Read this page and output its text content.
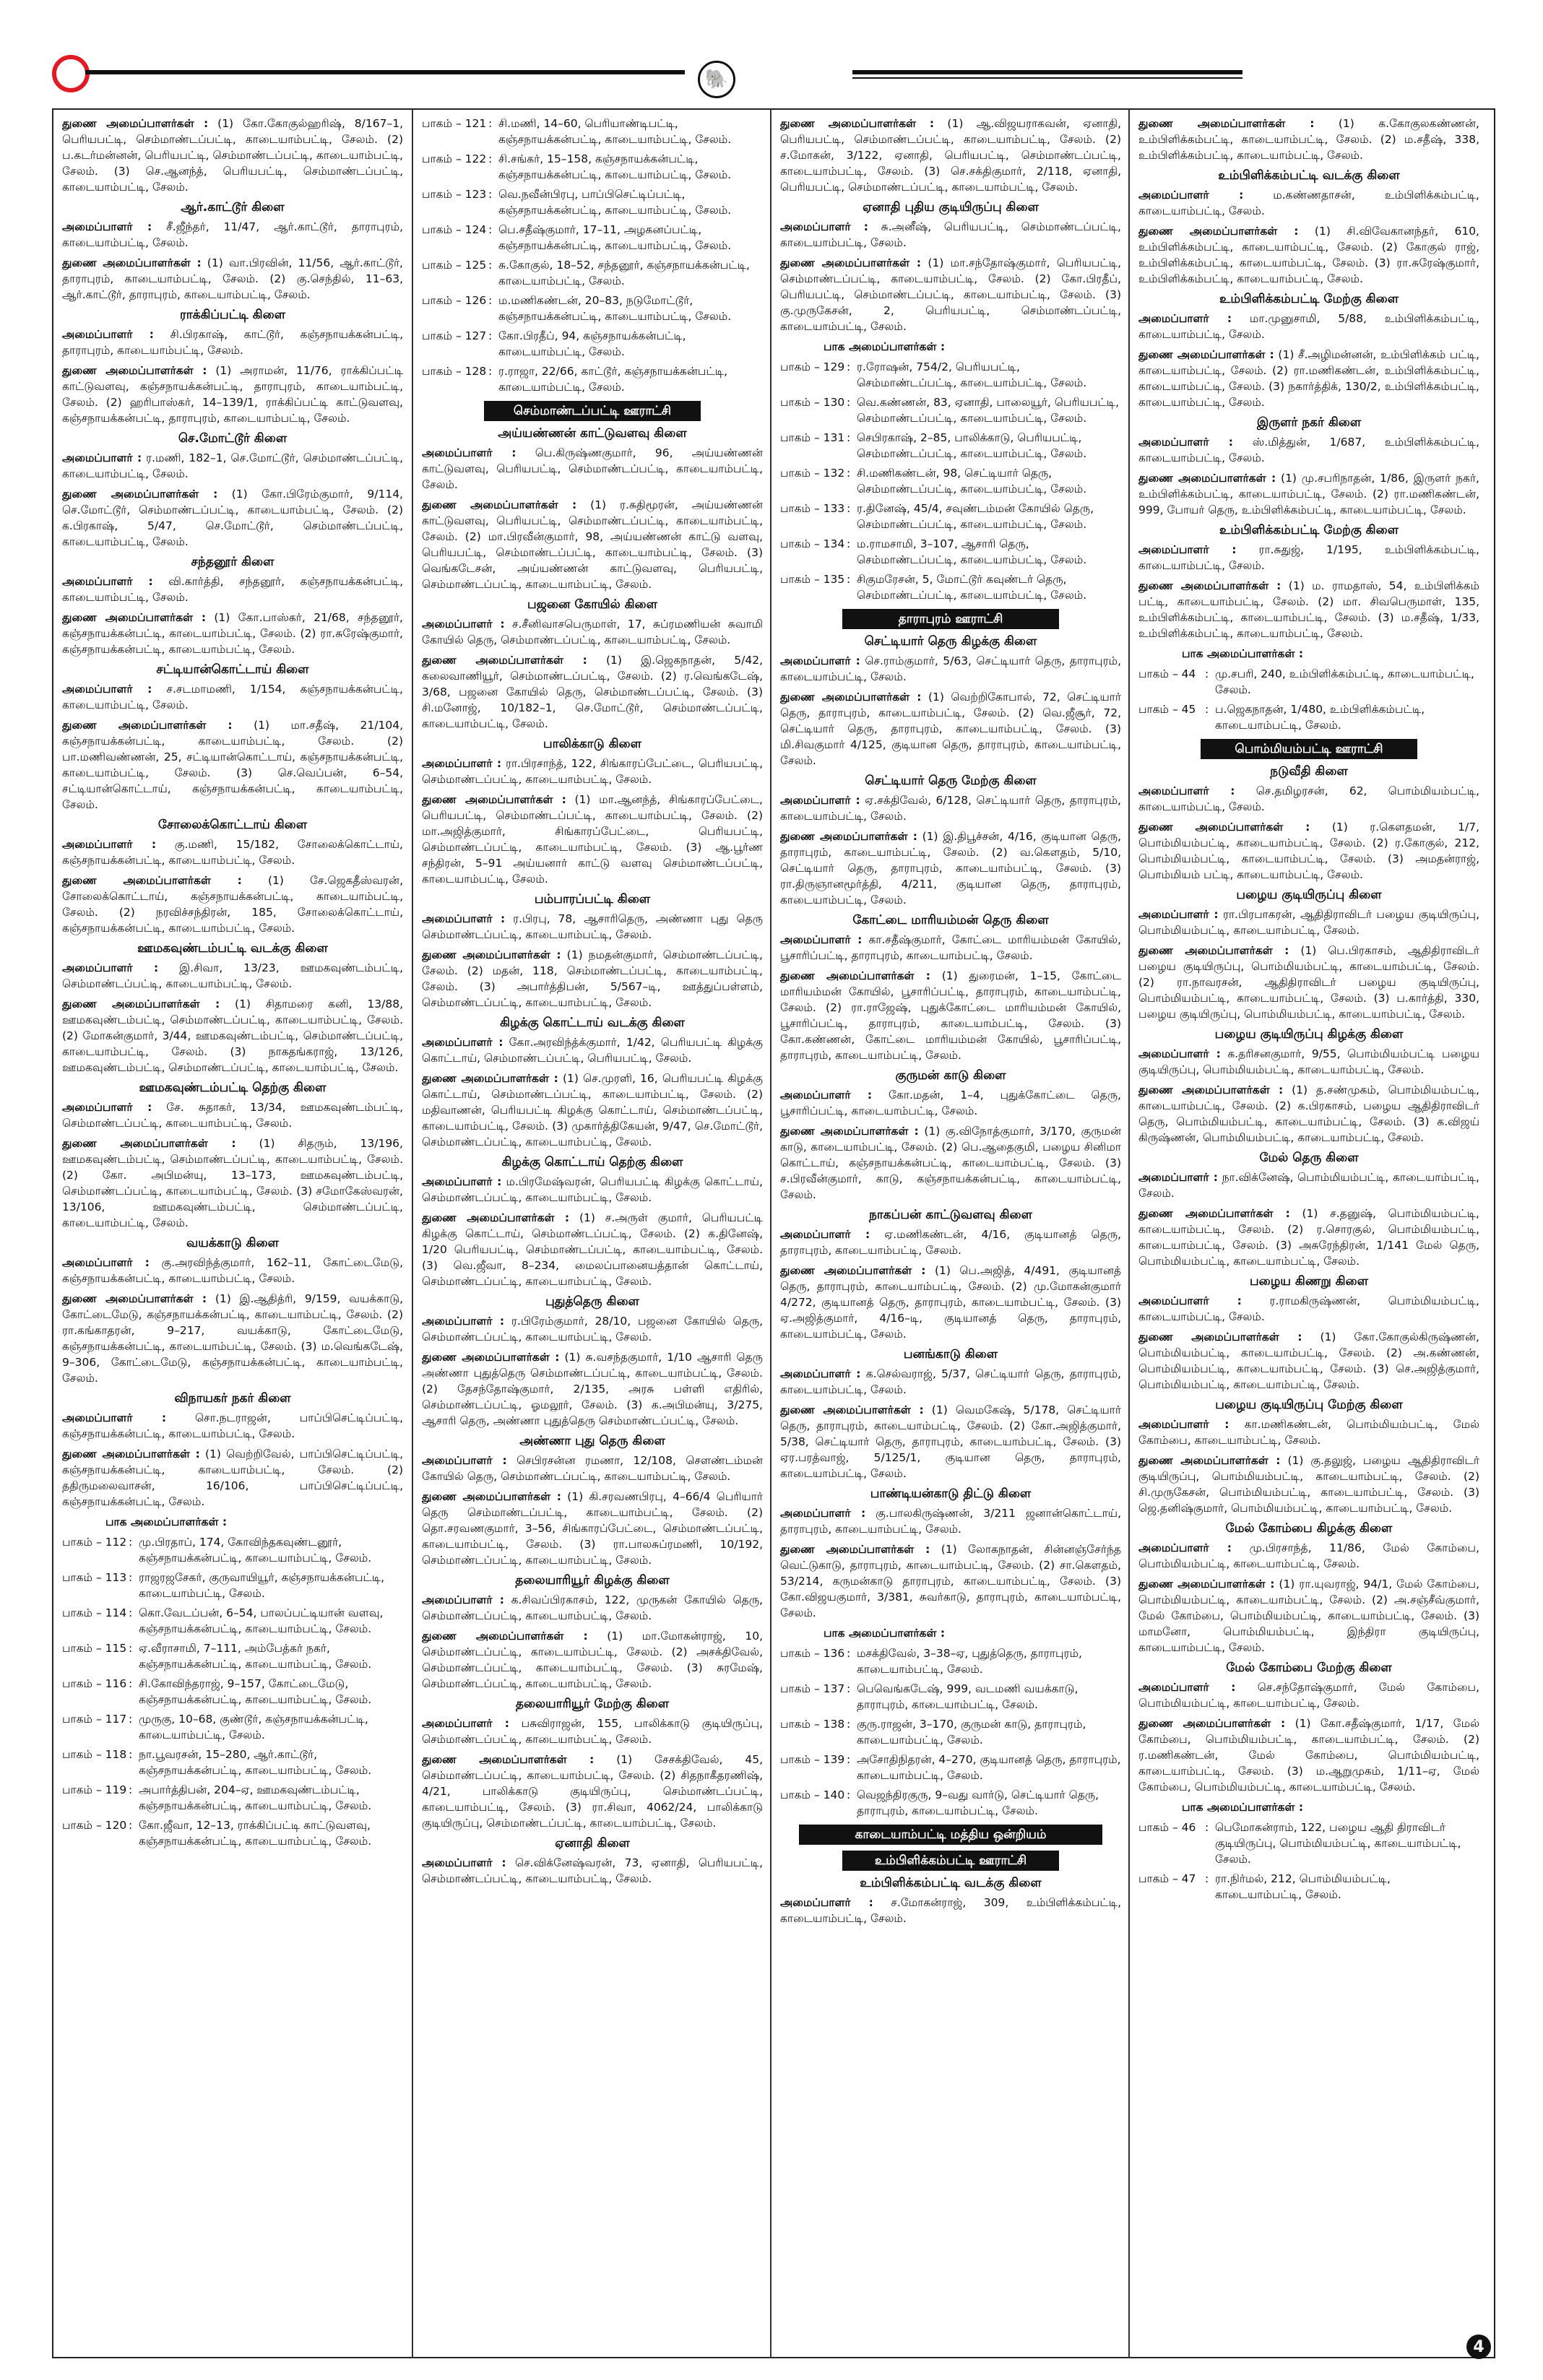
🐘

துணை அமைப்பாளர்கள் : (1) கோ.கோகுல்ஹரிஷ், 8/167–1, பெரியபட்டி, செம்மாண்டப்பட்டி, காடையாம்பட்டி, சேலம். (2) ப.கடர்மன்னன், பெரியபட்டி, செம்மாண்டப்பட்டி, காடையாம்பட்டி, சேலம். (3) செ.ஆனந்த், பெரியபட்டி, செம்மாண்டப்பட்டி, காடையாம்பட்டி, சேலம்.

ஆர்.காட்டூர் கிளை

அமைப்பாளர் : சீ.ஜீந்தர், 11/47, ஆர்.காட்டூர், தாராபுரம், காடையாம்பட்டி, சேலம்.

துணை அமைப்பாளர்கள் : (1) வா.பிரவின், 11/56, ஆர்.காட்டூர், தாராபுரம், காடையாம்பட்டி, சேலம். (2) கு.செந்தில், 11–63, ஆர்.காட்டூர், தாராபுரம், காடையாம்பட்டி, சேலம்.

ராக்கிப்பட்டி கிளை

அமைப்பாளர் : சி.பிரகாஷ், காட்டூர், கஞ்சநாயக்கன்பட்டி, தாராபுரம், காடையாம்பட்டி, சேலம்.

துணை அமைப்பாளர்கள் : (1) அராமன், 11/76, ராக்கிப்பட்டி காட்டுவளவு, கஞ்சநாயக்கன்பட்டி, தாராபுரம், காடையாம்பட்டி, சேலம். (2) ஹரிபாஸ்கர், 14–139/1, ராக்கிப்பட்டி காட்டுவளவு, கஞ்சநாயக்கன்பட்டி, தாராபுரம், காடையாம்பட்டி, சேலம்.

செ.மோட்டூர் கிளை

அமைப்பாளர் : ர.மணி, 182–1, செ.மோட்டூர், செம்மாண்டப்பட்டி, காடையாம்பட்டி, சேலம்.

துணை அமைப்பாளர்கள் : (1) கோ.பிரேம்குமார், 9/114, செ.மோட்டூர், செம்மாண்டப்பட்டி, காடையாம்பட்டி, சேலம். (2) க.பிரகாஷ், 5/47, செ.மோட்டூர், செம்மாண்டப்பட்டி, காடையாம்பட்டி, சேலம்.

சந்தனூர் கிளை

அமைப்பாளர் : வி.கார்த்தி, சந்தனூர், கஞ்சநாயக்கன்பட்டி, காடையாம்பட்டி, சேலம்.

துணை அமைப்பாளர்கள் : (1) கோ.பாஸ்கர், 21/68, சந்தனூர், கஞ்சநாயக்கன்பட்டி, காடையாம்பட்டி, சேலம். (2) ரா.சுரேஷ்குமார், கஞ்சநாயக்கன்பட்டி, காடையாம்பட்டி, சேலம்.

சட்டியான்கொட்டாய் கிளை

அமைப்பாளர் : ச.சடமாமணி, 1/154, கஞ்சநாயக்கன்பட்டி, காடையாம்பட்டி, சேலம்.

துணை அமைப்பாளர்கள் : (1) மா.சதீஷ், 21/104, கஞ்சநாயக்கன்பட்டி, காடையாம்பட்டி, சேலம். (2) பா.மணிவண்ணன், 25, சட்டியான்கொட்டாய், கஞ்சநாயக்கன்பட்டி, காடையாம்பட்டி, சேலம். (3) செ.வெப்பன், 6–54, சட்டியான்கொட்டாய், கஞ்சநாயக்கன்பட்டி, காடையாம்பட்டி, சேலம்.

சோலைக்கொட்டாய் கிளை

அமைப்பாளர் : கு.மணி, 15/182, சோலைக்கொட்டாய், கஞ்சநாயக்கன்பட்டி, காடையாம்பட்டி, சேலம்.

துணை அமைப்பாளர்கள் : (1) சே.ஜெகதீஸ்வரன், சோலைக்கொட்டாய், கஞ்சநாயக்கன்பட்டி, காடையாம்பட்டி, சேலம். (2) நரவிச்சந்திரன், 185, சோலைக்கொட்டாய், கஞ்சநாயக்கன்பட்டி, காடையாம்பட்டி, சேலம்.

ஊமகவுண்டம்பட்டி வடக்கு கிளை

அமைப்பாளர் : இ.சிவா, 13/23, ஊமகவுண்டம்பட்டி, செம்மாண்டப்பட்டி, காடையாம்பட்டி, சேலம்.

துணை அமைப்பாளர்கள் : (1) சிதாமரை கனி, 13/88, ஊமகவுண்டம்பட்டி, செம்மாண்டப்பட்டி, காடையாம்பட்டி, சேலம். (2) மோகன்குமார், 3/44, ஊமகவுண்டம்பட்டி, செம்மாண்டப்பட்டி, காடையாம்பட்டி, சேலம். (3) நாகதங்கராஜ், 13/126, ஊமகவுண்டம்பட்டி, செம்மாண்டப்பட்டி, காடையாம்பட்டி, சேலம்.

ஊமகவுண்டம்பட்டி தெற்கு கிளை

அமைப்பாளர் : சே. சுதாகர், 13/34, ஊமகவுண்டம்பட்டி, செம்மாண்டப்பட்டி, காடையாம்பட்டி, சேலம்.

துணை அமைப்பாளர்கள் : (1) சிதரும், 13/196, ஊமகவுண்டம்பட்டி, செம்மாண்டப்பட்டி, காடையாம்பட்டி, சேலம். (2) கோ. அபிமன்யு, 13–173, ஊமகவுண்டம்பட்டி, செம்மாண்டப்பட்டி, காடையாம்பட்டி, சேலம். (3) சமோகேஸ்வரன், 13/106, ஊமகவுண்டம்பட்டி, செம்மாண்டப்பட்டி, காடையாம்பட்டி, சேலம்.

வயக்காடு கிளை

அமைப்பாளர் : கு.அரவிந்த்குமார், 162–11, கோட்டைமேடு, கஞ்சநாயக்கன்பட்டி, காடையாம்பட்டி, சேலம்.

துணை அமைப்பாளர்கள் : (1) இ.ஆதித்ரி, 9/159, வயக்காடு, கோட்டைமேடு, கஞ்சநாயக்கன்பட்டி, காடையாம்பட்டி, சேலம். (2) ரா.கங்காதரன், 9–217, வயக்காடு, கோட்டைமேடு, கஞ்சநாயக்கன்பட்டி, காடையாம்பட்டி, சேலம். (3) ம.வெங்கடேஷ், 9–306, கோட்டைமேடு, கஞ்சநாயக்கன்பட்டி, காடையாம்பட்டி, சேலம்.

விநாயகர் நகர் கிளை

அமைப்பாளர் :	சொ.நடராஜன், பாப்பிசெட்டிப்பட்டி, கஞ்சநாயக்கன்பட்டி, காடையாம்பட்டி, சேலம்.

துணை அமைப்பாளர்கள் : (1) வெற்றிவேல், பாப்பிசெட்டிப்பட்டி, கஞ்சநாயக்கன்பட்டி, காடையாம்பட்டி, சேலம். (2) ததிருமலைவாசன், 16/106, பாப்பிசெட்டிப்பட்டி, கஞ்சநாயக்கன்பட்டி, சேலம்.

பாக அமைப்பாளர்கள் :
பாகம் – 112 : மு.பிரதாப், 174, கோவிந்தகவுண்டனூர், கஞ்சநாயக்கன்பட்டி, காடையாம்பட்டி, சேலம்.
பாகம் – 113 : ராஜரஜசேகர், குருவாயியூர், கஞ்சநாயக்கன்பட்டி, காடையாம்பட்டி, சேலம்.
பாகம் – 114 : கொ.வேடப்பன், 6–54, பாலப்பட்டியான் வளவு, கஞ்சநாயக்கன்பட்டி, காடையாம்பட்டி, சேலம்.
பாகம் – 115 : ஏ.வீராசாமி, 7–111, அம்பேத்கர் நகர், கஞ்சநாயக்கன்பட்டி, காடையாம்பட்டி, சேலம்.
பாகம் – 116 : சி.கோவிந்தராஜ், 9–157, கோட்டைமேடு, கஞ்சநாயக்கன்பட்டி, காடையாம்பட்டி, சேலம்.
பாகம் – 117 : முருகு, 10–68, குண்டூர், கஞ்சநாயக்கன்பட்டி, காடையாம்பட்டி, சேலம்.
பாகம் – 118 : நா.பூவரசன், 15–280, ஆர்.காட்டூர், கஞ்சநாயக்கன்பட்டி, காடையாம்பட்டி, சேலம்.
பாகம் – 119 : அபார்த்திபன், 204–ஏ, ஊமகவுண்டம்பட்டி, கஞ்சநாயக்கன்பட்டி, காடையாம்பட்டி, சேலம்.
பாகம் – 120 : கோ.ஜீவா, 12–13, ராக்கிப்பட்டி காட்டுவளவு, கஞ்சநாயக்கன்பட்டி, காடையாம்பட்டி, சேலம்.
பாகம் – 121 : சி.மணி, 14–60, பெரியாண்டிபட்டி, கஞ்சநாயக்கன்பட்டி, காடையாம்பட்டி, சேலம்.
பாகம் – 122 : சி.சங்கர், 15–158, கஞ்சநாயக்கன்பட்டி, கஞ்சநாயக்கன்பட்டி, காடையாம்பட்டி, சேலம்.
பாகம் – 123 : வெ.நவீன்பிரபு, பாப்பிசெட்டிப்பட்டி, கஞ்சநாயக்கன்பட்டி, காடையாம்பட்டி, சேலம்.
பாகம் – 124 : பெ.சதீஷ்குமார், 17–11, அழகனப்பட்டி, கஞ்சநாயக்கன்பட்டி, காடையாம்பட்டி, சேலம்.
பாகம் – 125 : சு.கோகுல், 18–52, சந்தனூர், கஞ்சநாயக்கன்பட்டி, காடையாம்பட்டி, சேலம்.
பாகம் – 126 : ம.மணிகண்டன், 20–83, நடுமோட்டூர், கஞ்சநாயக்கன்பட்டி, காடையாம்பட்டி, சேலம்.
பாகம் – 127 : கோ.பிரதீப், 94, கஞ்சநாயக்கன்பட்டி, காடையாம்பட்டி, சேலம்.
பாகம் – 128 : ர.ராஜா, 22/66, காட்டூர், கஞ்சநாயக்கன்பட்டி, காடையாம்பட்டி, சேலம்.
செம்மாண்டப்பட்டி ஊராட்சி
அய்யண்ணன் காட்டுவளவு கிளை

அமைப்பாளர் : பெ.கிருஷ்ணகுமார், 96, அய்யண்ணன் காட்டுவளவு, பெரியபட்டி, செம்மாண்டப்பட்டி, காடையாம்பட்டி, சேலம்.

துணை அமைப்பாளர்கள் : (1) ர.சுதிமூரன், அய்யண்ணன் காட்டுவளவு, பெரியபட்டி, செம்மாண்டப்பட்டி, காடையாம்பட்டி, சேலம். (2) மா.பிரவீன்குமார், 98, அய்யண்ணன் காட்டு வளவு, பெரியபட்டி, செம்மாண்டப்பட்டி, காடையாம்பட்டி, சேலம். (3) வெங்கடேசன், அய்யண்ணன் காட்டுவளவு, பெரியபட்டி, செம்மாண்டப்பட்டி, காடையாம்பட்டி, சேலம்.

பஜனை கோயில் கிளை

அமைப்பாளர் : ச.சீனிவாசபெருமாள், 17, சுப்ரமணியன் சுவாமி கோயில் தெரு, செம்மாண்டப்பட்டி, காடையாம்பட்டி, சேலம்.

துணை அமைப்பாளர்கள் : (1) இ.ஜெகநாதன், 5/42, கலைவாணியூர், செம்மாண்டப்பட்டி, சேலம். (2) ர.வெங்கடேஷ், 3/68, பஜனை கோயில் தெரு, செம்மாண்டப்பட்டி, சேலம். (3) சி.மனோஜ், 10/182–1, செ.மோட்டூர், செம்மாண்டப்பட்டி, காடையாம்பட்டி, சேலம்.

பாலிக்காடு கிளை

அமைப்பாளர் : ரா.பிரசாந்த், 122, சிங்காரப்பேட்டை, பெரியபட்டி, செம்மாண்டப்பட்டி, காடையாம்பட்டி, சேலம்.

துணை அமைப்பாளர்கள் : (1) மா.ஆனந்த், சிங்காரப்பேட்டை, பெரியபட்டி, செம்மாண்டப்பட்டி, காடையாம்பட்டி, சேலம். (2) மா.அஜித்குமார், சிங்காரப்பேட்டை, பெரியபட்டி, செம்மாண்டப்பட்டி, காடையாம்பட்டி, சேலம். (3) ஆ.பூர்ண சந்திரன், 5–91 அய்யனார் காட்டு வளவு செம்மாண்டப்பட்டி, காடையாம்பட்டி, சேலம்.

பம்பாரப்பட்டி கிளை

அமைப்பாளர் : ர.பிரபு, 78, ஆசாரிதெரு, அண்ணா புது தெரு செம்மாண்டப்பட்டி, காடையாம்பட்டி, சேலம்.

துணை அமைப்பாளர்கள் : (1) நமதன்குமார், செம்மாண்டப்பட்டி, சேலம். (2) மதன், 118, செம்மாண்டப்பட்டி, காடையாம்பட்டி, சேலம். (3) அபார்த்திபன், 5/567–டி, ஊத்துப்பள்ளம், செம்மாண்டப்பட்டி, காடையாம்பட்டி, சேலம்.

கிழக்கு கொட்டாய் வடக்கு கிளை

அமைப்பாளர் : கோ.அரவிந்த்க்குமார், 1/42, பெரியபட்டி கிழக்கு கொட்டாய், செம்மாண்டப்பட்டி, பெரியபட்டி, சேலம்.

துணை அமைப்பாளர்கள் : (1) செ.முரளி, 16, பெரியபட்டி கிழக்கு கொட்டாய், செம்மாண்டப்பட்டி, காடையாம்பட்டி, சேலம். (2) மதிவாணன், பெரியபட்டி கிழக்கு கொட்டாய், செம்மாண்டப்பட்டி, காடையாம்பட்டி, சேலம். (3) முகார்த்திகேயன், 9/47, செ.மோட்டூர், செம்மாண்டப்பட்டி, காடையாம்பட்டி, சேலம்.

கிழக்கு கொட்டாய் தெற்கு கிளை

அமைப்பாளர் : ம.பிரமேஷ்வரன், பெரியபட்டி கிழக்கு கொட்டாய், செம்மாண்டப்பட்டி, காடையாம்பட்டி, சேலம்.

துணை அமைப்பாளர்கள் : (1) ச.அருள் குமார், பெரியபட்டி கிழக்கு கொட்டாய், செம்மாண்டப்பட்டி, சேலம். (2) க.தினேஷ், 1/20 பெரியபட்டி, செம்மாண்டப்பட்டி, காடையாம்பட்டி, சேலம். (3) வெ.ஜீவா, 8–234, மைலப்பானையத்தான் கொட்டாய், செம்மாண்டப்பட்டி, காடையாம்பட்டி, சேலம்.

புதுத்தெரு கிளை

அமைப்பாளர் : ர.பிரேம்குமார், 28/10, பஜனை கோயில் தெரு, செம்மாண்டப்பட்டி, காடையாம்பட்டி, சேலம்.

துணை அமைப்பாளர்கள் : (1) சு.வசந்தகுமார், 1/10 ஆசாரி தெரு அண்ணா புதுத்தெரு செம்மாண்டப்பட்டி, காடையாம்பட்டி, சேலம். (2) தேசந்தோஷ்குமார், 2/135, அரசு பள்ளி எதிரில், செம்மாண்டப்பட்டி, ஓமலூர், சேலம். (3) க.அபிமன்யு, 3/275, ஆசாரி தெரு, அண்ணா புதுத்தெரு செம்மாண்டப்பட்டி, சேலம்.

அண்ணா புது தெரு கிளை

அமைப்பாளர் : செபிரசன்ன ரமணா, 12/108, சௌண்டம்மன் கோயில் தெரு, செம்மாண்டப்பட்டி, காடையாம்பட்டி, சேலம்.

துணை அமைப்பாளர்கள் : (1) கி.சரவணபிரபு, 4–66/4 பெரியார் தெரு செம்மாண்டப்பட்டி, காடையாம்பட்டி, சேலம். (2) தொ.சரவணகுமார், 3–56, சிங்காரப்பேட்டை, செம்மாண்டப்பட்டி, காடையாம்பட்டி, சேலம். (3) ரா.பாலசுப்ரமணி, 10/192, செம்மாண்டப்பட்டி, காடையாம்பட்டி, சேலம்.

தலையாரியூர் கிழக்கு கிளை

அமைப்பாளர் : க.சிவப்பிரகாசம், 122, முருகன் கோயில் தெரு, செம்மாண்டப்பட்டி, காடையாம்பட்டி, சேலம்.

துணை அமைப்பாளர்கள் : (1) மா.மோகன்ராஜ், 10, செம்மாண்டப்பட்டி, காடையாம்பட்டி, சேலம். (2) அசக்திவேல், செம்மாண்டப்பட்டி, காடையாம்பட்டி, சேலம். (3) சுரமேஷ், செம்மாண்டப்பட்டி, காடையாம்பட்டி, சேலம்.

தலையாரியூர் மேற்கு கிளை

அமைப்பாளர் : பசுவிராஜன், 155, பாலிக்காடு குடியிருப்பு, செம்மாண்டப்பட்டி, காடையாம்பட்டி, சேலம்.

துணை அமைப்பாளர்கள் : (1) சேசக்திவேல், 45, செம்மாண்டப்பட்டி, காடையாம்பட்டி, சேலம். (2) சிதநாகீதரணிஷ், 4/21, பாலிக்காடு குடியிருப்பு, செம்மாண்டப்பட்டி, காடையாம்பட்டி, சேலம். (3) ரா.சிவா, 4062/24, பாலிக்காடு குடியிருப்பு, செம்மாண்டப்பட்டி, காடையாம்பட்டி, சேலம்.

ஏனாதி கிளை

அமைப்பாளர் : செ.விக்னேஷ்வரன், 73, ஏனாதி, பெரியபட்டி, செம்மாண்டப்பட்டி, காடையாம்பட்டி, சேலம்.

துணை அமைப்பாளர்கள் : (1) ஆ.விஜயராகவன், ஏனாதி, பெரியபட்டி, செம்மாண்டப்பட்டி, காடையாம்பட்டி, சேலம். (2) ச.மோகன், 3/122, ஏனாதி, பெரியபட்டி, செம்மாண்டப்பட்டி, காடையாம்பட்டி, சேலம். (3) செ.சக்திகுமார், 2/118, ஏனாதி, பெரியபட்டி, செம்மாண்டப்பட்டி, காடையாம்பட்டி, சேலம்.

ஏனாதி புதிய குடியிருப்பு கிளை

அமைப்பாளர் : சு.அனீஷ், பெரியபட்டி, செம்மாண்டப்பட்டி, காடையாம்பட்டி, சேலம்.

துணை அமைப்பாளர்கள் : (1) மா.சந்தோஷ்குமார், பெரியபட்டி, செம்மாண்டப்பட்டி, காடையாம்பட்டி, சேலம். (2) கோ.பிரதீப், பெரியபட்டி, செம்மாண்டப்பட்டி, காடையாம்பட்டி, சேலம். (3) கு.முருகேசன், 2, பெரியபட்டி, செம்மாண்டப்பட்டி, காடையாம்பட்டி, சேலம்.

பாக அமைப்பாளர்கள் :
பாகம் – 129 : ர.ரோஷன், 754/2, பெரியபட்டி, செம்மாண்டப்பட்டி, காடையாம்பட்டி, சேலம்.
பாகம் – 130 : வெ.கண்ணன், 83, ஏனாதி, பாலையூர், பெரியபட்டி, செம்மாண்டப்பட்டி, காடையாம்பட்டி, சேலம்.
பாகம் – 131 : செபிரகாஷ், 2–85, பாலிக்காடு, பெரியபட்டி, செம்மாண்டப்பட்டி, காடையாம்பட்டி, சேலம்.
பாகம் – 132 : சி.மணிகண்டன், 98, செட்டியார் தெரு, செம்மாண்டப்பட்டி, காடையாம்பட்டி, சேலம்.
பாகம் – 133 : ர.தினேஷ், 45/4, சவுண்டம்மன் கோயில் தெரு, செம்மாண்டப்பட்டி, காடையாம்பட்டி, சேலம்.
பாகம் – 134 : ம.ராமசாமி, 3–107, ஆசாரி தெரு, செம்மாண்டப்பட்டி, காடையாம்பட்டி, சேலம்.
பாகம் – 135 : சிகுமரேசன், 5, மோட்டூர் கவுண்டர் தெரு, செம்மாண்டப்பட்டி, காடையாம்பட்டி, சேலம்.
தாராபுரம் ஊராட்சி
செட்டியார் தெரு கிழக்கு கிளை

அமைப்பாளர் : செ.ராம்குமார், 5/63, செட்டியார் தெரு, தாராபுரம், காடையாம்பட்டி, சேலம்.

துணை அமைப்பாளர்கள் : (1) வெற்றிகோபால், 72, செட்டியார் தெரு, தாராபுரம், காடையாம்பட்டி, சேலம். (2) வெ.ஜீசூர், 72, செட்டியார் தெரு, தாராபுரம், காடையாம்பட்டி, சேலம். (3) மி.சிவகுமார் 4/125, குடியான தெரு, தாராபுரம், காடையாம்பட்டி, சேலம்.

செட்டியார் தெரு மேற்கு கிளை

அமைப்பாளர் : ஏ.சக்திவேல், 6/128, செட்டியார் தெரு, தாராபுரம், காடையாம்பட்டி, சேலம்.

துணை அமைப்பாளர்கள் : (1) இ.திபூச்சன், 4/16, குடியான தெரு, தாராபுரம், காடையாம்பட்டி, சேலம். (2) வ.கௌதம், 5/10, செட்டியார் தெரு, தாராபுரம், காடையாம்பட்டி, சேலம். (3) ரா.திருஞானமூர்த்தி, 4/211, குடியான தெரு, தாராபுரம், காடையாம்பட்டி, சேலம்.

கோட்டை மாரியம்மன் தெரு கிளை

அமைப்பாளர் : கா.சதீஷ்குமார், கோட்டை மாரியம்மன் கோயில், பூசாரிப்பட்டி, தாராபுரம், காடையாம்பட்டி, சேலம்.

துணை அமைப்பாளர்கள் : (1) துரைமன், 1–15, கோட்டை மாரியம்மன் கோயில், பூசாரிப்பட்டி, தாராபுரம், காடையாம்பட்டி, சேலம். (2) ரா.ராஜேஷ், புதுக்கோட்டை மாரியம்மன் கோயில், பூசாரிப்பட்டி, தாராபுரம், காடையாம்பட்டி, சேலம். (3) கோ.கண்ணன், கோட்டை மாரியம்மன் கோயில், பூசாரிப்பட்டி, தாராபுரம், காடையாம்பட்டி, சேலம்.

குருமன் காடு கிளை

அமைப்பாளர் : கோ.மதன், 1–4, புதுக்கோட்டை தெரு, பூசாரிப்பட்டி, காடையாம்பட்டி, சேலம்.

துணை அமைப்பாளர்கள் : (1) கு.விநோத்குமார், 3/170, குருமன் காடு, காடையாம்பட்டி, சேலம். (2) பெ.ஆதைகுமி, பழைய சினிமா கொட்டாய், கஞ்சநாயக்கன்பட்டி, காடையாம்பட்டி, சேலம். (3) ச.பிரவீன்குமார், காடு, கஞ்சநாயக்கன்பட்டி, காடையாம்பட்டி, சேலம்.

நாகப்பன் காட்டுவளவு கிளை

அமைப்பாளர் : ஏ.மணிகண்டன், 4/16, குடியானத் தெரு, தாராபுரம், காடையாம்பட்டி, சேலம்.

துணை அமைப்பாளர்கள் : (1) பெ.அஜித், 4/491, குடியானத் தெரு, தாராபுரம், காடையாம்பட்டி, சேலம். (2) மு.மோகன்குமார் 4/272, குடியானத் தெரு, தாராபுரம், காடையாம்பட்டி, சேலம். (3) ஏ.அஜித்குமார், 4/16–டி, குடியானத் தெரு, தாராபுரம், காடையாம்பட்டி, சேலம்.

பனங்காடு கிளை

அமைப்பாளர் : க.செல்வராஜ், 5/37, செட்டியார் தெரு, தாராபுரம், காடையாம்பட்டி, சேலம்.

துணை அமைப்பாளர்கள் : (1) வெமகேஷ், 5/178, செட்டியார் தெரு, தாராபுரம், காடையாம்பட்டி, சேலம். (2) கோ.அஜித்குமார், 5/38, செட்டியார் தெரு, தாராபுரம், காடையாம்பட்டி, சேலம். (3) ஏர.பரத்வாஜ், 5/125/1, குடியான தெரு, தாராபுரம், காடையாம்பட்டி, சேலம்.

பாண்டியன்காடு திட்டு கிளை

அமைப்பாளர் : கு.பாலகிருஷ்ணன், 3/211 ஜனான்கொட்டாய், தாராபுரம், காடையாம்பட்டி, சேலம்.

துணை அமைப்பாளர்கள் : (1) லோகநாதன், சின்னஞ்சேர்ந்த வெட்டுகாடு, தாராபுரம், காடையாம்பட்டி, சேலம். (2) சா.கௌதம், 53/214, கருமன்காடு தாராபுரம், காடையாம்பட்டி, சேலம். (3) கோ.விஜயகுமார், 3/381, சுவர்காடு, தாராபுரம், காடையாம்பட்டி, சேலம்.

பாக அமைப்பாளர்கள் :
பாகம் – 136 : மசக்திவேல், 3–38–ஏ, புதுத்தெரு, தாராபுரம், காடையாம்பட்டி, சேலம்.
பாகம் – 137 : பெவெங்கடேஷ், 999, வடமணி வயக்காடு, தாராபுரம், காடையாம்பட்டி, சேலம்.
பாகம் – 138 : குரு.ராஜன், 3–170, குருமன் காடு, தாராபுரம், காடையாம்பட்டி, சேலம்.
பாகம் – 139 : அசோதிநிதரன், 4–270, குடியானத் தெரு, தாராபுரம், காடையாம்பட்டி, சேலம்.
பாகம் – 140 : வெஜந்திரகுரு, 9–வது வார்டு, செட்டியார் தெரு, தாராபுரம், காடையாம்பட்டி, சேலம்.
காடையாம்பட்டி மத்திய ஒன்றியம்
உம்பிளிக்கம்பட்டி ஊராட்சி
உம்பிளிக்கம்பட்டி வடக்கு கிளை

அமைப்பாளர் : ச.மோகன்ராஜ், 309, உம்பிளிக்கம்பட்டி, காடையாம்பட்டி, சேலம்.

துணை அமைப்பாளர்கள் : (1) க.கோகுலகண்ணன், உம்பிளிக்கம்பட்டி, காடையாம்பட்டி, சேலம். (2) ம.சதீஷ், 338, உம்பிளிக்கம்பட்டி, காடையாம்பட்டி, சேலம்.

உம்பிளிக்கம்பட்டி வடக்கு கிளை

அமைப்பாளர் :	ம.கண்ணதாசன், உம்பிளிக்கம்பட்டி, காடையாம்பட்டி, சேலம்.

துணை அமைப்பாளர்கள் : (1) சி.விவேகானந்தர், 610, உம்பிளிக்கம்பட்டி, காடையாம்பட்டி, சேலம். (2) கோகுல் ராஜ், உம்பிளிக்கம்பட்டி, காடையாம்பட்டி, சேலம். (3) ரா.சுரேஷ்குமார், உம்பிளிக்கம்பட்டி, காடையாம்பட்டி, சேலம்.

உம்பிளிக்கம்பட்டி மேற்கு கிளை

அமைப்பாளர் : மா.முனுசாமி, 5/88, உம்பிளிக்கம்பட்டி, காடையாம்பட்டி, சேலம்.

துணை அமைப்பாளர்கள் : (1) சீ.அழிமன்னன், உம்பிளிக்கம் பட்டி, காடையாம்பட்டி, சேலம். (2) ரா.மணிகண்டன், உம்பிளிக்கம்பட்டி, காடையாம்பட்டி, சேலம். (3) நகார்த்திக், 130/2, உம்பிளிக்கம்பட்டி, காடையாம்பட்டி, சேலம்.

இருளர் நகர் கிளை

அமைப்பாளர் : ஸ்.மித்துன், 1/687, உம்பிளிக்கம்பட்டி, காடையாம்பட்டி, சேலம்.

துணை அமைப்பாளர்கள் : (1) மு.சபரிநாதன், 1/86, இருளர் நகர், உம்பிளிக்கம்பட்டி, காடையாம்பட்டி, சேலம். (2) ரா.மணிகண்டன், 999, போயர் தெரு, உம்பிளிக்கம்பட்டி, காடையாம்பட்டி, சேலம்.

உம்பிளிக்கம்பட்டி மேற்கு கிளை

அமைப்பாளர் : ரா.சுதுஜ், 1/195, உம்பிளிக்கம்பட்டி, காடையாம்பட்டி, சேலம்.

துணை அமைப்பாளர்கள் : (1) ம. ராமதாஸ், 54, உம்பிளிக்கம் பட்டி, காடையாம்பட்டி, சேலம். (2) மா. சிவபெருமாள், 135, உம்பிளிக்கம்பட்டி, காடையாம்பட்டி, சேலம். (3) ம.சதீஷ், 1/33, உம்பிளிக்கம்பட்டி, காடையாம்பட்டி, சேலம்.

பாக அமைப்பாளர்கள் :
பாகம் – 44 : மு.சபரி, 240, உம்பிளிக்கம்பட்டி, காடையாம்பட்டி, சேலம்.
பாகம் – 45 : ப.ஜெகநாதன், 1/480, உம்பிளிக்கம்பட்டி, காடையாம்பட்டி, சேலம்.
பொம்மியம்பட்டி ஊராட்சி
நடுவீதி கிளை

அமைப்பாளர் : செ.தமிழரசன், 62, பொம்மியம்பட்டி, காடையாம்பட்டி, சேலம்.

துணை அமைப்பாளர்கள் : (1) ர.கௌதமன், 1/7, பொம்மியம்பட்டி, காடையாம்பட்டி, சேலம். (2) ர.கோகுல், 212, பொம்மியம்பட்டி, காடையாம்பட்டி, சேலம். (3) அமதன்ராஜ், பொம்மியம் பட்டி, காடையாம்பட்டி, சேலம்.

பழைய குடியிருப்பு கிளை

அமைப்பாளர் : ரா.பிரபாகரன், ஆதிதிராவிடர் பழைய குடியிருப்பு, பொம்மியம்பட்டி, காடையாம்பட்டி, சேலம்.

துணை அமைப்பாளர்கள் : (1) பெ.பிரகாசம், ஆதிதிராவிடர் பழைய குடியிருப்பு, பொம்மியம்பட்டி, காடையாம்பட்டி, சேலம். (2) ரா.நாவரசன், ஆதிதிராவிடர் பழைய குடியிருப்பு, பொம்மியம்பட்டி, காடையாம்பட்டி, சேலம். (3) ப.கார்த்தி, 330, பழைய குடியிருப்பு, பொம்மியம்பட்டி, காடையாம்பட்டி, சேலம்.

பழைய குடியிருப்பு கிழக்கு கிளை

அமைப்பாளர் : க.தரிசனகுமார், 9/55, பொம்மியம்பட்டி பழைய குடியிருப்பு, பொம்மியம்பட்டி, காடையாம்பட்டி, சேலம்.

துணை அமைப்பாளர்கள் : (1) த.சண்முகம், பொம்மியம்பட்டி, காடையாம்பட்டி, சேலம். (2) க.பிரகாசம், பழைய ஆதிதிராவிடர் தெரு, பொம்மியம்பட்டி, காடையாம்பட்டி, சேலம். (3) க.விஜய் கிருஷ்ணன், பொம்மியம்பட்டி, காடையாம்பட்டி, சேலம்.

மேல் தெரு கிளை

அமைப்பாளர் : நா.விக்னேஷ், பொம்மியம்பட்டி, காடையாம்பட்டி, சேலம்.

துணை அமைப்பாளர்கள் : (1) ச.தனுஷ், பொம்மியம்பட்டி, காடையாம்பட்டி, சேலம். (2) ர.சொரகுல், பொம்மியம்பட்டி, காடையாம்பட்டி, சேலம். (3) அசுரேந்திரன், 1/141 மேல் தெரு, பொம்மியம்பட்டி, காடையாம்பட்டி, சேலம்.

பழைய கிணறு கிளை

அமைப்பாளர் : ர.ராமகிருஷ்ணன், பொம்மியம்பட்டி, காடையாம்பட்டி, சேலம்.

துணை அமைப்பாளர்கள் : (1) கோ.கோகுல்கிருஷ்ணன், பொம்மியம்பட்டி, காடையாம்பட்டி, சேலம். (2) அ.கண்ணன், பொம்மியம்பட்டி, காடையாம்பட்டி, சேலம். (3) செ.அஜித்குமார், பொம்மியம்பட்டி, காடையாம்பட்டி, சேலம்.

பழைய குடியிருப்பு மேற்கு கிளை

அமைப்பாளர் : கா.மணிகண்டன், பொம்மியம்பட்டி, மேல் கோம்பை, காடையாம்பட்டி, சேலம்.

துணை அமைப்பாளர்கள் : (1) கு.தலுஜ், பழைய ஆதிதிராவிடர் குடியிருப்பு, பொம்மியம்பட்டி, காடையாம்பட்டி, சேலம். (2) சி.முருகேசன், பொம்மியம்பட்டி, காடையாம்பட்டி, சேலம். (3) ஜெ.தனிஷ்குமார், பொம்மியம்பட்டி, காடையாம்பட்டி, சேலம்.

மேல் கோம்பை கிழக்கு கிளை

அமைப்பாளர் : மு.பிரசாந்த், 11/86, மேல் கோம்பை, பொம்மியம்பட்டி, காடையாம்பட்டி, சேலம்.

துணை அமைப்பாளர்கள் : (1) ரா.யுவராஜ், 94/1, மேல் கோம்பை, பொம்மியம்பட்டி, காடையாம்பட்டி, சேலம். (2) அ.சஞ்சீவ்குமார், மேல் கோம்பை, பொம்மியம்பட்டி, காடையாம்பட்டி, சேலம். (3) மாமனோ, பொம்மியம்பட்டி, இந்திரா குடியிருப்பு, காடையாம்பட்டி, சேலம்.

மேல் கோம்பை மேற்கு கிளை

அமைப்பாளர் : செ.சந்தோஷ்குமார், மேல் கோம்பை, பொம்மியம்பட்டி, காடையாம்பட்டி, சேலம்.

துணை அமைப்பாளர்கள் : (1) கோ.சதீஷ்குமார், 1/17, மேல் கோம்பை, பொம்மியம்பட்டி, காடையாம்பட்டி, சேலம். (2) ர.மணிகண்டன், மேல் கோம்பை, பொம்மியம்பட்டி, காடையாம்பட்டி, சேலம். (3) ம.ஆறுமுகம், 1/11–ஏ, மேல் கோம்பை, பொம்மியம்பட்டி, காடையாம்பட்டி, சேலம்.

பாக அமைப்பாளர்கள் :
பாகம் – 46 : பெமோகன்ராம், 122, பழைய ஆதி திராவிடர் குடியிருப்பு, பொம்மியம்பட்டி, காடையாம்பட்டி, சேலம்.
பாகம் – 47 : ரா.நிர்மல், 212, பொம்மியம்பட்டி, காடையாம்பட்டி, சேலம்.
4
